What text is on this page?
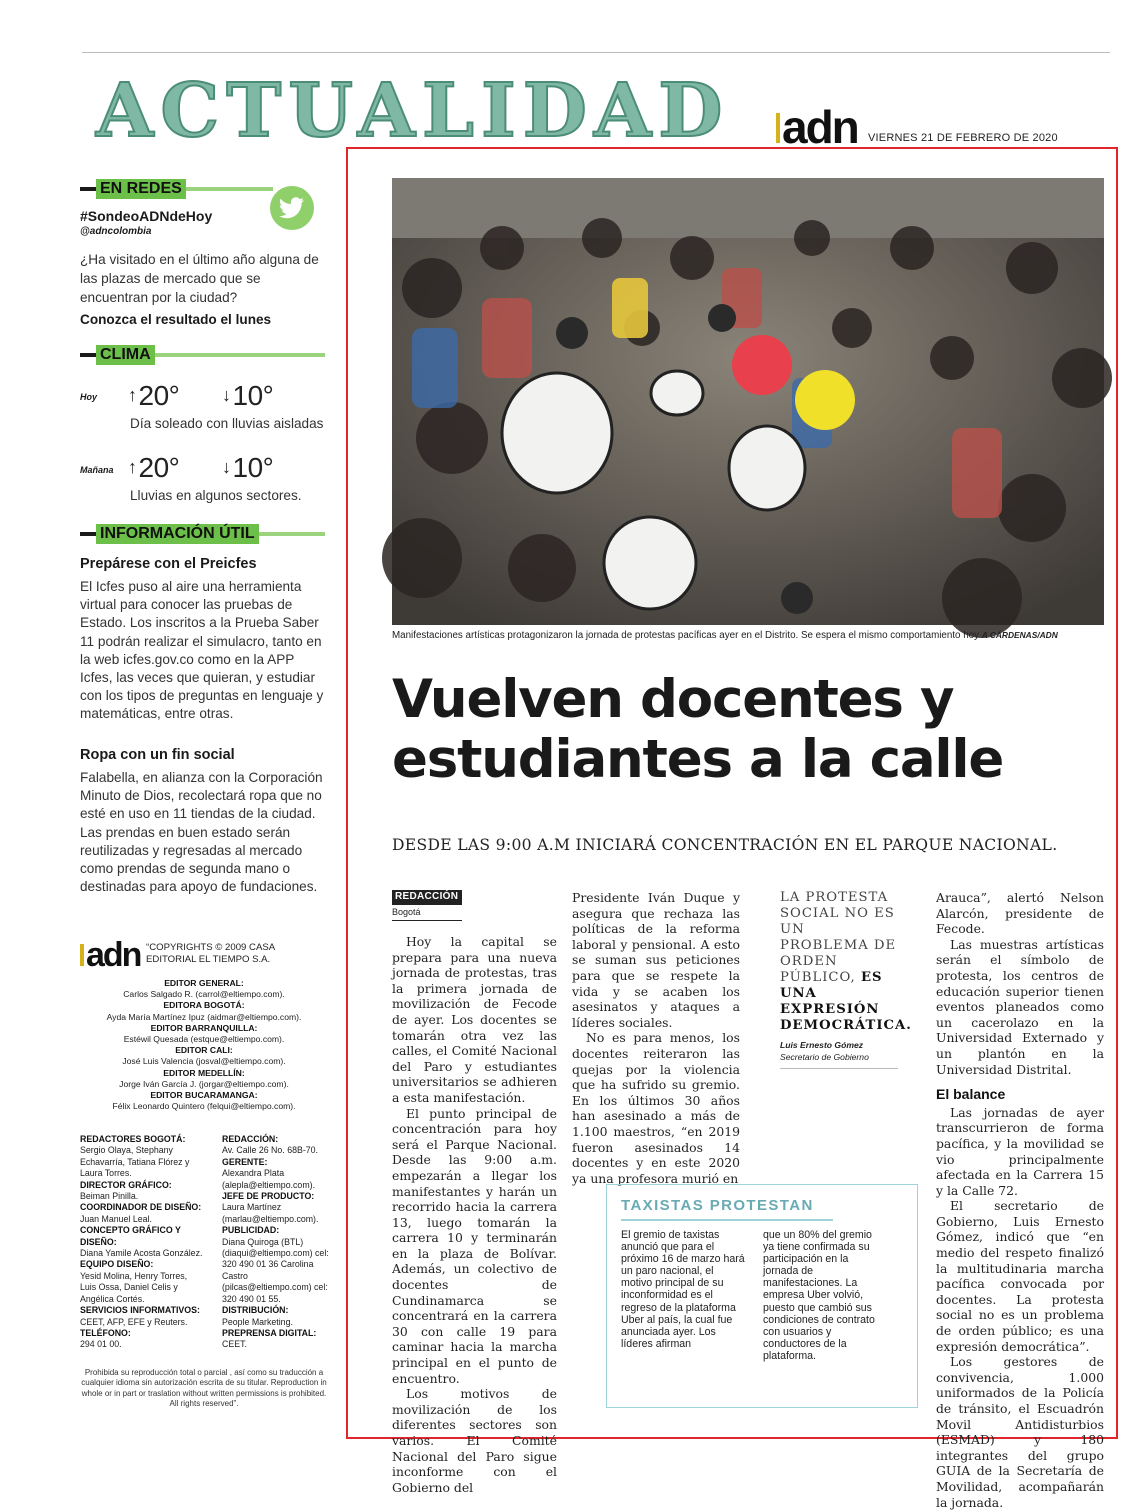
ACTUALIDAD adn VIERNES 21 DE FEBRERO DE 2020
EN REDES
#SondeoADNdeHoy
@adncolombia
¿Ha visitado en el último año alguna de las plazas de mercado que se encuentran por la ciudad?
Conozca el resultado el lunes
CLIMA
Hoy ↑20° ↓10°
Día soleado con lluvias aisladas
Mañana ↑20° ↓10°
Lluvias en algunos sectores.
INFORMACIÓN ÚTIL
Prepárese con el Preicfes
El Icfes puso al aire una herramienta virtual para conocer las pruebas de Estado. Los inscritos a la Prueba Saber 11 podrán realizar el simulacro, tanto en la web icfes.gov.co como en la APP Icfes, las veces que quieran, y estudiar con los tipos de preguntas en lenguaje y matemáticas, entre otras.
Ropa con un fin social
Falabella, en alianza con la Corporación Minuto de Dios, recolectará ropa que no esté en uso en 11 tiendas de la ciudad. Las prendas en buen estado serán reutilizadas y regresadas al mercado como prendas de segunda mano o destinadas para apoyo de fundaciones.
adn “COPYRIGHTS © 2009 CASA EDITORIAL EL TIEMPO S.A.
EDITOR GENERAL:
Carlos Salgado R. (carrol@eltiempo.com).
EDITORA BOGOTÁ:
Ayda María Martínez Ipuz (aidmar@eltiempo.com).
EDITOR BARRANQUILLA:
Estéwil Quesada (estque@eltiempo.com).
EDITOR CALI:
José Luis Valencia (josval@eltiempo.com).
EDITOR MEDELLÍN:
Jorge Iván García J. (jorgar@eltiempo.com).
EDITOR BUCARAMANGA:
Félix Leonardo Quintero (felqui@eltiempo.com).
REDACTORES BOGOTÁ:
Sergio Olaya, Stephany Echavarría, Tatiana Flórez y Laura Torres.
DIRECTOR GRÁFICO:
Beiman Pinilla.
COORDINADOR DE DISEÑO:
Juan Manuel Leal.
CONCEPTO GRÁFICO Y DISEÑO:
Diana Yamile Acosta González.
EQUIPO DISEÑO:
Yesid Molina, Henry Torres, Luis Ossa, Daniel Celis y Angélica Cortés.
SERVICIOS INFORMATIVOS:
CEET, AFP, EFE y Reuters.
TELÉFONO:
294 01 00.
REDACCIÓN:
Av. Calle 26 No. 68B-70.
GERENTE:
Alexandra Plata (alepla@eltiempo.com).
JEFE DE PRODUCTO:
Laura Martínez (marlau@eltiempo.com).
PUBLICIDAD:
Diana Quiroga (BTL) (diaqui@eltiempo.com) cel: 320 490 01 36 Carolina Castro (pilcas@eltiempo.com) cel: 320 490 01 55.
DISTRIBUCIÓN:
People Marketing.
PREPRENSA DIGITAL:
CEET.
Prohibida su reproducción total o parcial , así como su traducción a cualquier idioma sin autorización escrita de su titular. Reproduction in whole or in part or traslation without written permissions is prohibited. All rights reserved”.
Manifestaciones artísticas protagonizaron la jornada de protestas pacíficas ayer en el Distrito. Se espera el mismo comportamiento hoy A CÁRDENAS/ADN
Vuelven docentes y estudiantes a la calle
DESDE LAS 9:00 A.M INICIARÁ CONCENTRACIÓN EN EL PARQUE NACIONAL.
REDACCIÓN
Bogotá

Hoy la capital se prepara para una nueva jornada de protestas, tras la primera jornada de movilización de Fecode de ayer. Los docentes se tomarán otra vez las calles, el Comité Nacional del Paro y estudiantes universitarios se adhieren a esta manifestación.

El punto principal de concentración para hoy será el Parque Nacional. Desde las 9:00 a.m. empezarán a llegar los manifestantes y harán un recorrido hacia la carrera 13, luego tomarán la carrera 10 y terminarán en la plaza de Bolívar. Además, un colectivo de docentes de Cundinamarca se concentrará en la carrera 30 con calle 19 para caminar hacia la marcha principal en el punto de encuentro.

Los motivos de movilización de los diferentes sectores son varios. El Comité Nacional del Paro sigue inconforme con el Gobierno del

Presidente Iván Duque y asegura que rechaza las políticas de la reforma laboral y pensional. A esto se suman sus peticiones para que se respete la vida y se acaben los asesinatos y ataques a líderes sociales.

No es para menos, los docentes reiteraron las quejas por la violencia que ha sufrido su gremio. En los últimos 30 años han asesinado a más de 1.100 maestros, “en 2019 fueron asesinados 14 docentes y en este 2020 ya una profesora murió en

LA PROTESTA SOCIAL NO ES UN PROBLEMA DE ORDEN PÚBLICO, ES UNA EXPRESIÓN DEMOCRÁTICA.
Luis Ernesto Gómez
Secretario de Gobierno

Arauca”, alertó Nelson Alarcón, presidente de Fecode.

Las muestras artísticas serán el símbolo de protesta, los centros de educación superior tienen eventos planeados como un cacerolazo en la Universidad Externado y un plantón en la Universidad Distrital.

El balance

Las jornadas de ayer transcurrieron de forma pacífica, y la movilidad se vio principalmente afectada en la Carrera 15 y la Calle 72.

El secretario de Gobierno, Luis Ernesto Gómez, indicó que “en medio del respeto finalizó la multitudinaria marcha pacífica convocada por docentes. La protesta social no es un problema de orden público; es una expresión democrática”.

Los gestores de convivencia, 1.000 uniformados de la Policía de tránsito, el Escuadrón Movil Antidisturbios (ESMAD) y 180 integrantes del grupo GUIA de la Secretaría de Movilidad, acompañarán la jornada.

TAXISTAS PROTESTAN
El gremio de taxistas anunció que para el próximo 16 de marzo hará un paro nacional, el motivo principal de su inconformidad es el regreso de la plataforma Uber al país, la cual fue anunciada ayer. Los líderes afirman
que un 80% del gremio ya tiene confirmada su participación en la jornada de manifestaciones. La empresa Uber volvió, puesto que cambió sus condiciones de contrato con usuarios y conductores de la plataforma.
